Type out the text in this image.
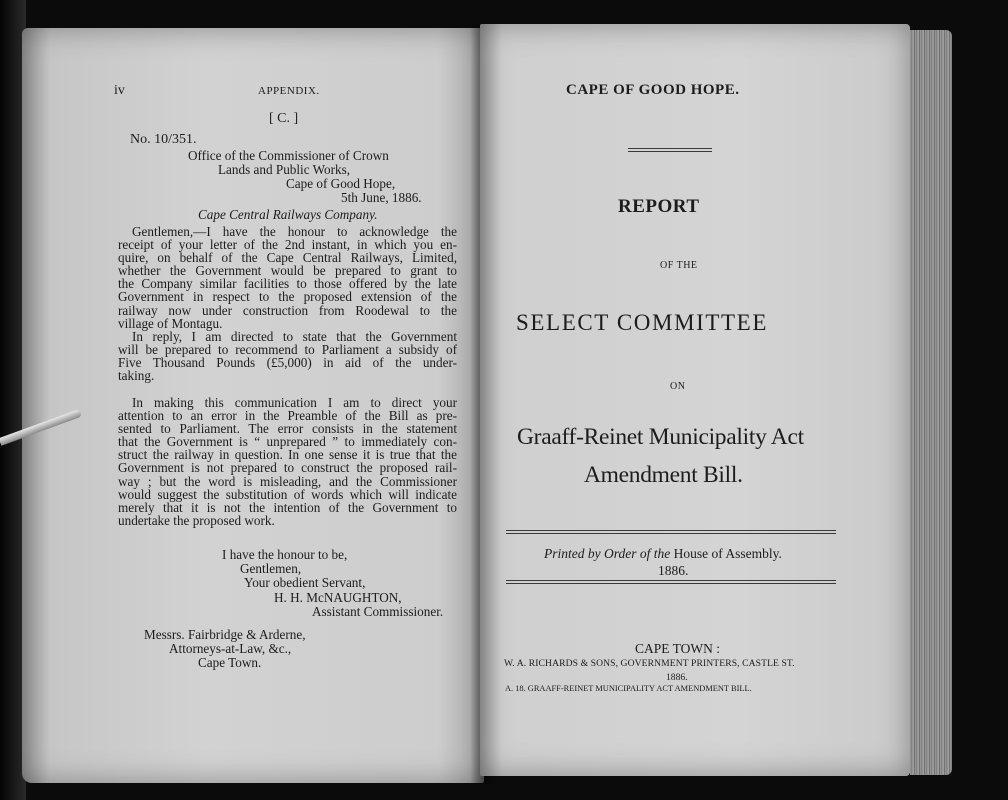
iv	APPENDIX.
[ C. ]
No. 10/351.
Office of the Commissioner of Crown
Lands and Public Works,
Cape of Good Hope,
5th June, 1886.
Cape Central Railways Company.
Gentlemen,—I have the honour to acknowledge the
receipt of your letter of the 2nd instant, in which you en-
quire, on behalf of the Cape Central Railways, Limited,
whether the Government would be prepared to grant to
the Company similar facilities to those offered by the late
Government in respect to the proposed extension of the
railway now under construction from Roodewal to the
village of Montagu.
In reply, I am directed to state that the Government
will be prepared to recommend to Parliament a subsidy of
Five Thousand Pounds (£5,000) in aid of the under-
taking.
In making this communication I am to direct your
attention to an error in the Preamble of the Bill as pre-
sented to Parliament. The error consists in the statement
that the Government is “ unprepared ” to immediately con-
struct the railway in question. In one sense it is true that the
Government is not prepared to construct the proposed rail-
way ; but the word is misleading, and the Commissioner
would suggest the substitution of words which will indicate
merely that it is not the intention of the Government to
undertake the proposed work.
I have the honour to be,
Gentlemen,
Your obedient Servant,
H. H. McNAUGHTON,
Assistant Commissioner.
Messrs. Fairbridge & Arderne,
Attorneys-at-Law, &c.,
Cape Town.
CAPE OF GOOD HOPE.
REPORT
OF THE
SELECT COMMITTEE
ON
Graaff-Reinet Municipality Act
Amendment Bill.
Printed by Order of the House of Assembly.
1886.
CAPE TOWN :
W. A. RICHARDS & SONS, GOVERNMENT PRINTERS, CASTLE ST.
1886.
A. 18. GRAAFF-REINET MUNICIPALITY ACT AMENDMENT BILL.
